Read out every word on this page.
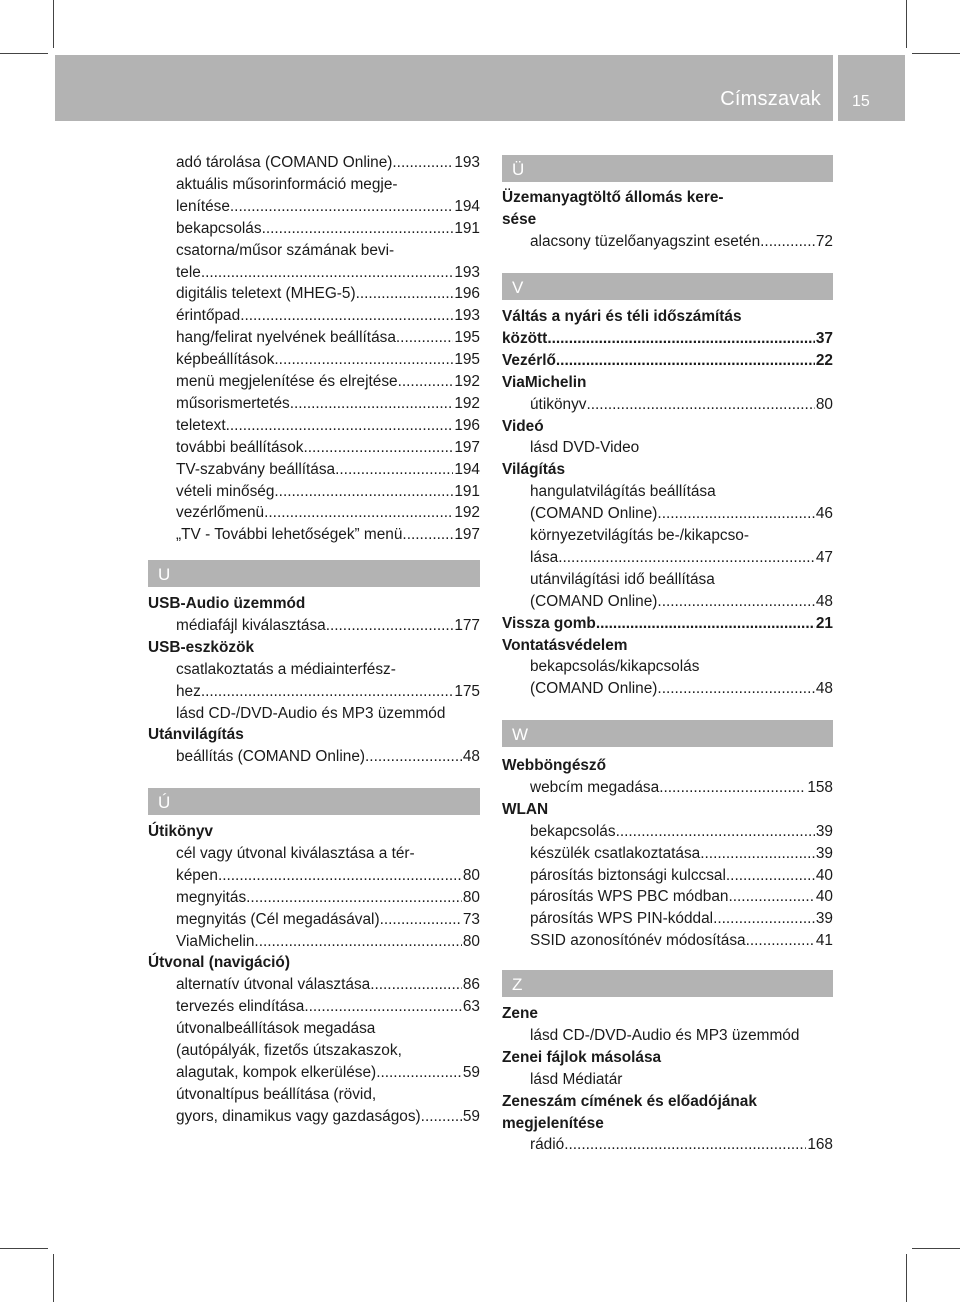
Címszavak 15
adó tárolása (COMAND Online) .....	193
aktuális műsorinformáció megje-
lenítése .....	194
bekapcsolás .....	191
csatorna/műsor számának bevi-
tele .....	193
digitális teletext (MHEG-5) .....	196
érintőpad .....	193
hang/felirat nyelvének beállítása .....	195
képbeállítások .....	195
menü megjelenítése és elrejtése .....	192
műsorismertetés .....	192
teletext .....	196
további beállítások .....	197
TV-szabvány beállítása .....	194
vételi minőség .....	191
vezérlőmenü .....	192
„TV - További lehetőségek” menü .....	197
U
USB-Audio üzemmód
médiafájl kiválasztása .....	177
USB-eszközök
csatlakoztatás a médiainterfész-
hez .....	175
lásd CD-/DVD-Audio és MP3 üzemmód
Utánvilágítás
beállítás (COMAND Online) .....	48
Ú
Útikönyv
cél vagy útvonal kiválasztása a tér-
képen .....	80
megnyitás .....	80
megnyitás (Cél megadásával) .....	73
ViaMichelin .....	80
Útvonal (navigáció)
alternatív útvonal választása .....	86
tervezés elindítása .....	63
útvonalbeállítások megadása
(autópályák, fizetős útszakaszok,
alagutak, kompok elkerülése) .....	59
útvonaltípus beállítása (rövid,
gyors, dinamikus vagy gazdaságos) .....	59
Ü
Üzemanyagtöltő állomás kere-
sése
alacsony tüzelőanyagszint esetén .....	72
V
Váltás a nyári és téli időszámítás
között .....	37
Vezérlő .....	22
ViaMichelin
útikönyv .....	80
Videó
lásd DVD-Video
Világítás
hangulatvilágítás beállítása
(COMAND Online) .....	46
környezetvilágítás be-/kikapcso-
lása .....	47
utánvilágítási idő beállítása
(COMAND Online) .....	48
Vissza gomb .....	21
Vontatásvédelem
bekapcsolás/kikapcsolás
(COMAND Online) .....	48
W
Webböngésző
webcím megadása .....	158
WLAN
bekapcsolás .....	39
készülék csatlakoztatása .....	39
párosítás biztonsági kulccsal .....	40
párosítás WPS PBC módban .....	40
párosítás WPS PIN-kóddal .....	39
SSID azonosítónév módosítása .....	41
Z
Zene
lásd CD-/DVD-Audio és MP3 üzemmód
Zenei fájlok másolása
lásd Médiatár
Zeneszám címének és előadójának
megjelenítése
rádió .....	168
